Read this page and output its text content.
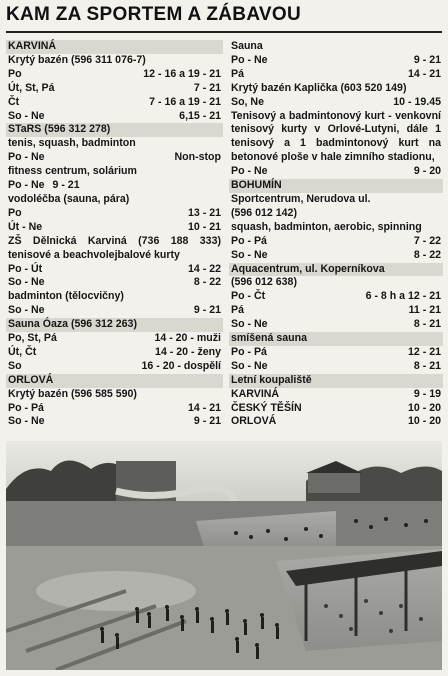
KAM ZA SPORTEM A ZÁBAVOU
KARVINÁ
Krytý bazén (596 311 076-7)
Po	12 - 16 a 19 - 21
Út, St, Pá	7 - 21
Čt	7 - 16 a 19 - 21
So - Ne	6,15 - 21
STaRS (596 312 278)
tenis, squash, badminton
Po - Ne	Non-stop
fitness centrum, solárium
Po - Ne 9 - 21
vodoléčba (sauna, pára)
Po	13 - 21
Út - Ne	10 - 21
ZŠ Dělnická Karviná (736 188 333) tenisové a beachvolejbalové kurty
Po - Út	14 - 22
So - Ne	8 - 22
badminton (tělocvičny)
So - Ne	9 - 21
Sauna Óaza (596 312 263)
Po, St, Pá	14 - 20 - muži
Út, Čt	14 - 20 - ženy
So	16 - 20 - dospělí
ORLOVÁ
Krytý bazén (596 585 590)
Po - Pá	14 - 21
So - Ne	9 - 21
Sauna
Po - Ne	9 - 21
Pá	14 - 21
Krytý bazén Kaplička (603 520 149)
So, Ne	10 - 19.45
Tenisový a badmintonový kurt - venkovní tenisový kurty v Orlové-Lutyni, dále 1 tenisový a 1 badmintonový kurt na betonové ploše v hale zimního stadionu,
Po - Ne	9 - 20
BOHUMÍN
Sportcentrum, Nerudova ul.
(596 012 142)
squash, badminton, aerobic, spinning
Po - Pá	7 - 22
So - Ne	8 - 22
Aquacentrum, ul. Koperníkova
(596 012 638)
Po - Čt	6 - 8 h a 12 - 21
Pá	11 - 21
So - Ne	8 - 21
smíšená sauna
Po - Pá	12 - 21
So - Ne	8 - 21
Letní koupaliště
KARVINÁ	9 - 19
ČESKÝ TĚŠÍN	10 - 20
ORLOVÁ	10 - 20
